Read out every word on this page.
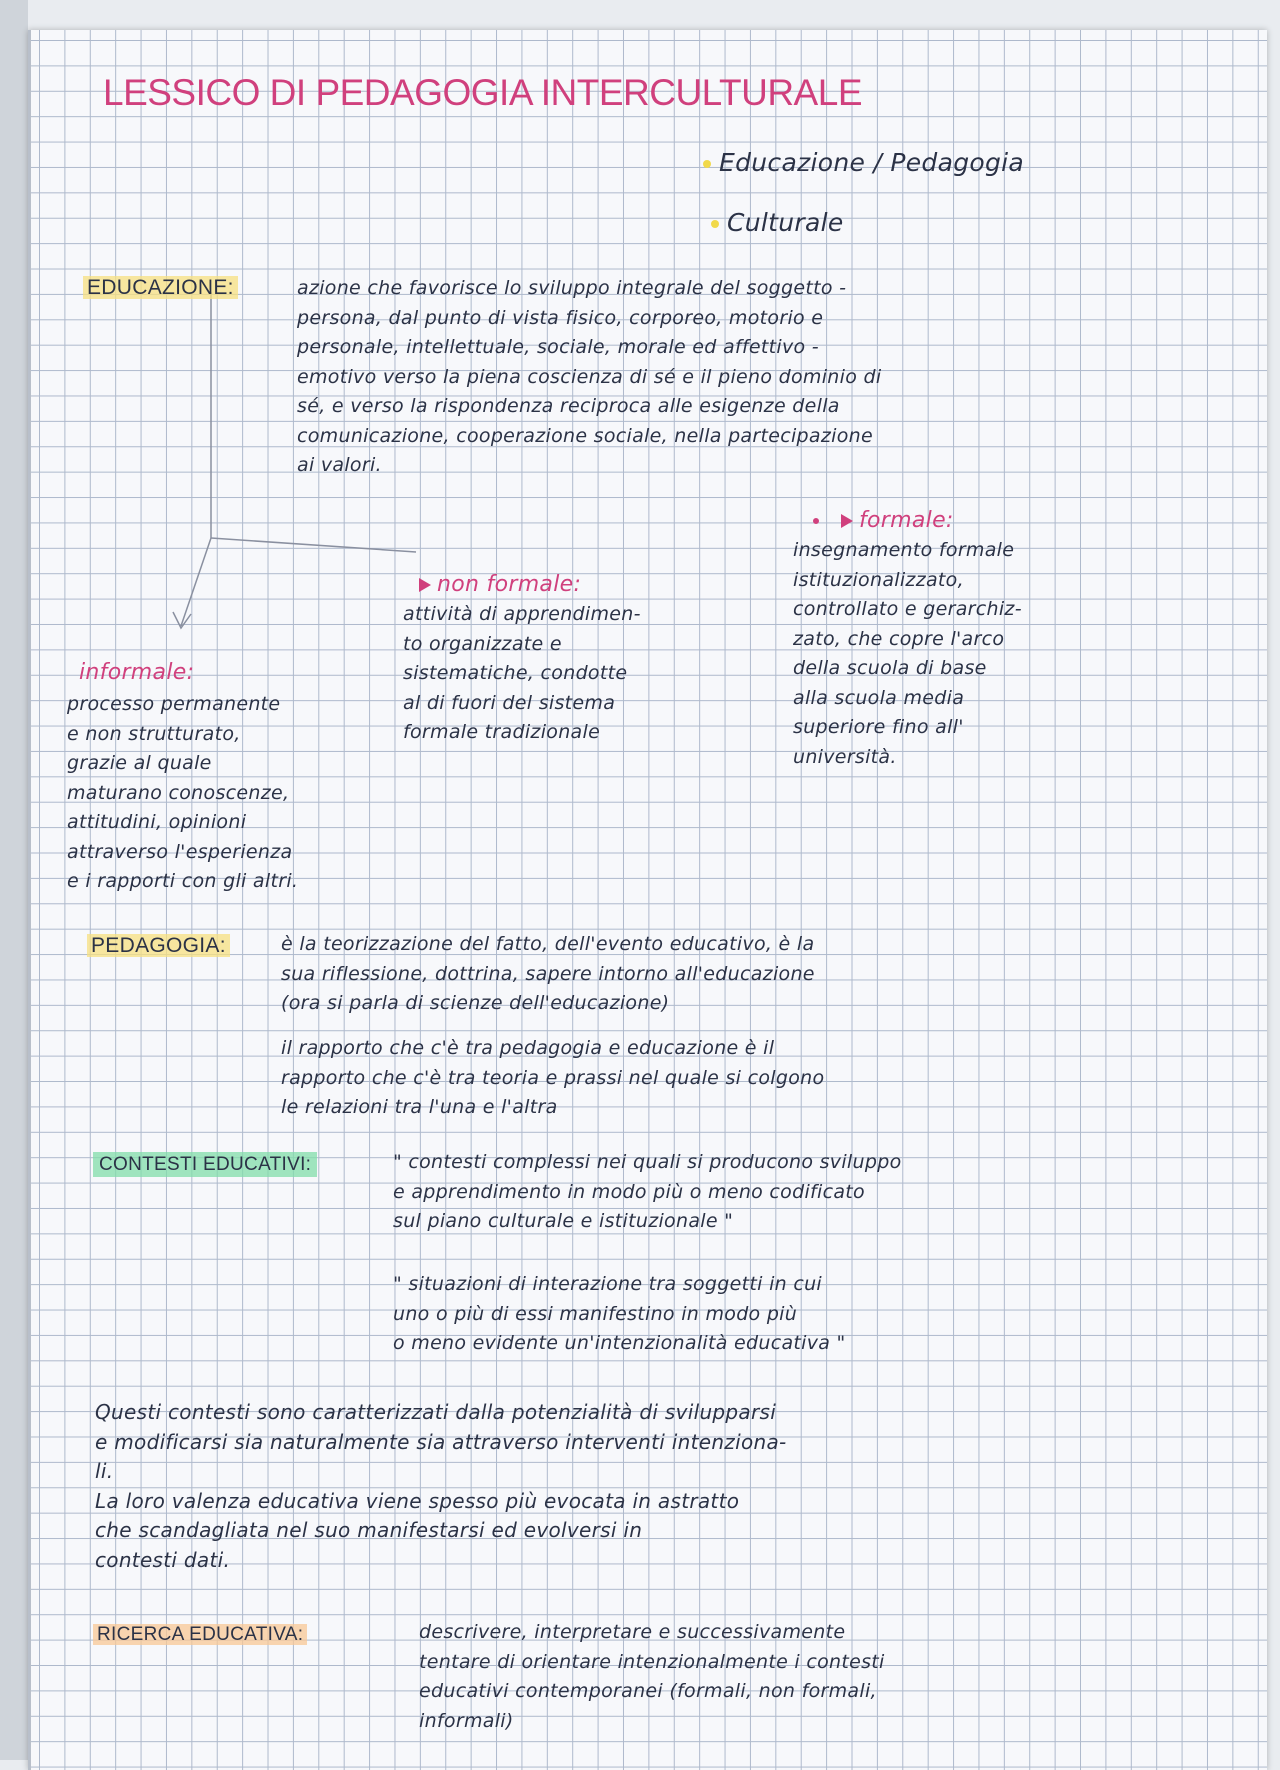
LESSICO DI PEDAGOGIA INTERCULTURALE
Educazione / Pedagogia
Culturale
EDUCAZIONE:	azione che favorisce lo sviluppo integrale del soggetto -
persona, dal punto di vista fisico, corporeo, motorio e
personale, intellettuale, sociale, morale ed affettivo -
emotivo verso la piena coscienza di sé e il pieno dominio di
sé, e verso la rispondenza reciproca alle esigenze della
comunicazione, cooperazione sociale, nella partecipazione
ai valori.
formale:
insegnamento formale
istituzionalizzato,
controllato e gerarchiz-
zato, che copre l'arco
della scuola di base
alla scuola media
superiore fino all'
università.
non formale:
attività di apprendimen-
to organizzate e
sistematiche, condotte
al di fuori del sistema
formale tradizionale
informale:
processo permanente
e non strutturato,
grazie al quale
maturano conoscenze,
attitudini, opinioni
attraverso l'esperienza
e i rapporti con gli altri.
PEDAGOGIA:	è la teorizzazione del fatto, dell'evento educativo, è la
sua riflessione, dottrina, sapere intorno all'educazione
(ora si parla di scienze dell'educazione)
il rapporto che c'è tra pedagogia e educazione è il
rapporto che c'è tra teoria e prassi nel quale si colgono
le relazioni tra l'una e l'altra
CONTESTI EDUCATIVI:	" contesti complessi nei quali si producono sviluppo
e apprendimento in modo più o meno codificato
sul piano culturale e istituzionale "
" situazioni di interazione tra soggetti in cui
uno o più di essi manifestino in modo più
o meno evidente un'intenzionalità educativa "
Questi contesti sono caratterizzati dalla potenzialità di svilupparsi
e modificarsi sia naturalmente sia attraverso interventi intenziona-
li.
La loro valenza educativa viene spesso più evocata in astratto
che scandagliata nel suo manifestarsi ed evolversi in
contesti dati.
RICERCA EDUCATIVA:	descrivere, interpretare e successivamente
tentare di orientare intenzionalmente i contesti
educativi contemporanei (formali, non formali,
informali)
